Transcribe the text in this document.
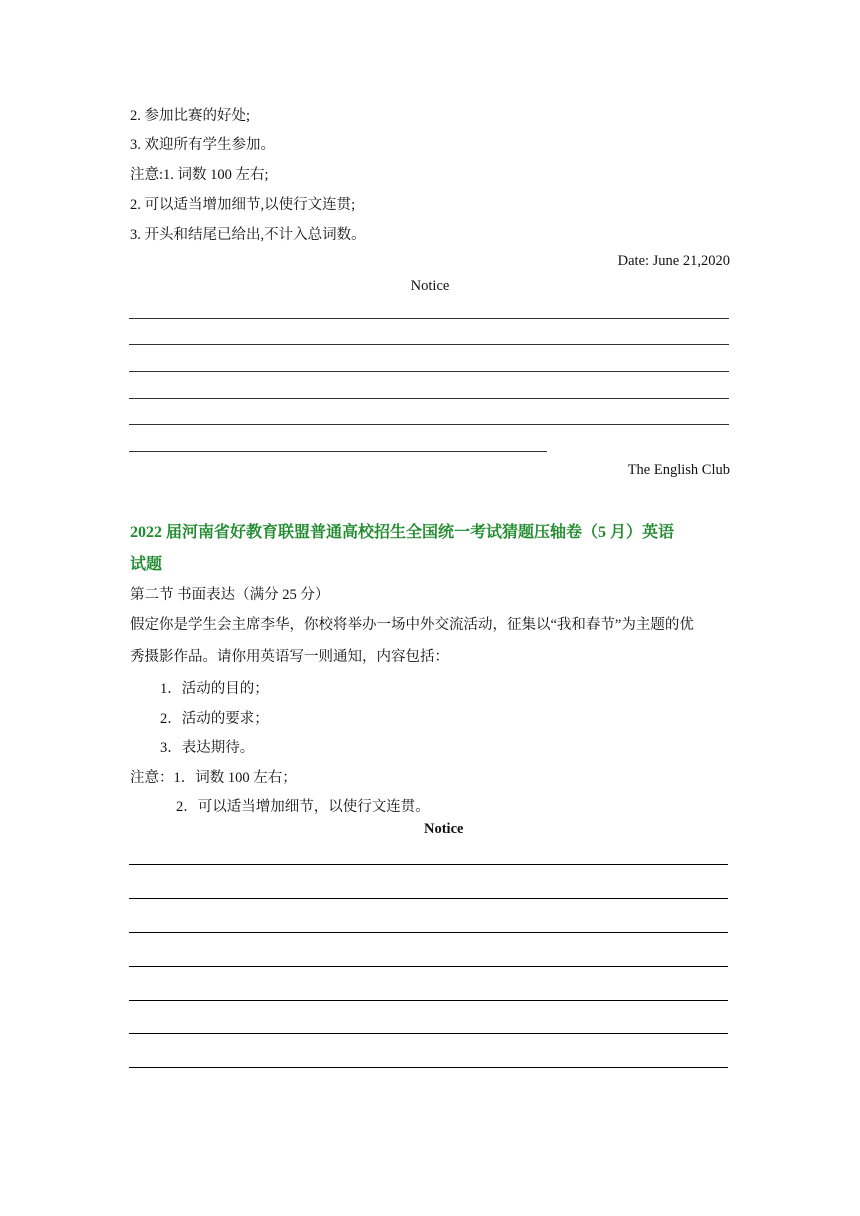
2. 参加比赛的好处;
3. 欢迎所有学生参加。
注意:1. 词数 100 左右;
2. 可以适当增加细节,以使行文连贯;
3. 开头和结尾已给出,不计入总词数。
Date: June 21,2020
Notice
The English Club
2022 届河南省好教育联盟普通高校招生全国统一考试猜题压轴卷（5 月）英语
试题
第二节 书面表达（满分 25 分）
假定你是学生会主席李华，你校将举办一场中外交流活动，征集以“我和春节”为主题的优
秀摄影作品。请你用英语写一则通知，内容包括：
1．活动的目的；
2．活动的要求；
3．表达期待。
注意：1．词数 100 左右；
2．可以适当增加细节，以使行文连贯。
Notice
